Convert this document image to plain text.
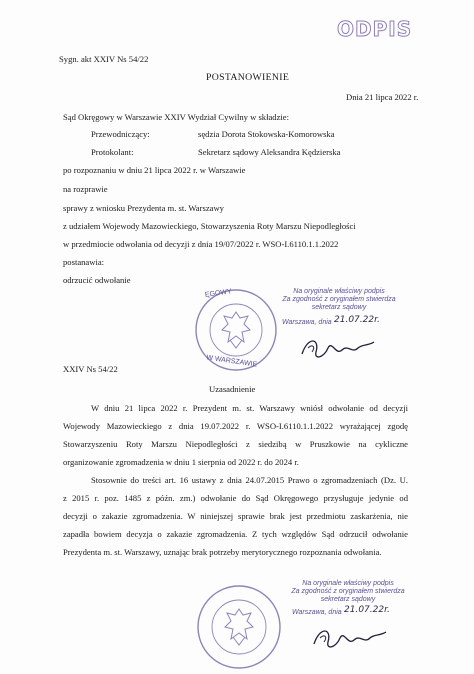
ODPIS
Sygn. akt XXIV Ns 54/22
POSTANOWIENIE
Dnia 21 lipca 2022 r.
Sąd Okręgowy w Warszawie XXIV Wydział Cywilny w składzie:
Przewodniczący:	sędzia Dorota Stokowska-Komorowska
Protokolant:	Sekretarz sądowy Aleksandra Kędzierska
po rozpoznaniu w dniu 21 lipca 2022 r. w Warszawie
na rozprawie
sprawy z wniosku Prezydenta m. st. Warszawy
z udziałem Wojewody Mazowieckiego, Stowarzyszenia Roty Marszu Niepodległości
w przedmiocie odwołania od decyzji z dnia 19/07/2022 r. WSO-I.6110.1.1.2022
postanawia:
odrzucić odwołanie
ĘGOWY
W WARSZAWIE
Na oryginale właściwy podpis
Za zgodność z oryginałem stwierdza
sekretarz sądowy
Warszawa, dnia 21.07.22r.
XXIV Ns 54/22
Uzasadnienie
W dniu 21 lipca 2022 r. Prezydent m. st. Warszawy wniósł odwołanie od decyzji
Wojewody Mazowieckiego z dnia 19.07.2022 r. WSO-I.6110.1.1.2022 wyrażającej zgodę
Stowarzyszeniu Roty Marszu Niepodległości z siedzibą w Pruszkowie na cykliczne
organizowanie zgromadzenia w dniu 1 sierpnia od 2022 r. do 2024 r.
Stosownie do treści art. 16 ustawy z dnia 24.07.2015 Prawo o zgromadzeniach (Dz. U.
z 2015 r. poz. 1485 z późn. zm.) odwołanie do Sąd Okręgowego przysługuje jedynie od
decyzji o zakazie zgromadzenia. W niniejszej sprawie brak jest przedmiotu zaskarżenia, nie
zapadła bowiem decyzja o zakazie zgromadzenia. Z tych względów Sąd odrzucił odwołanie
Prezydenta m. st. Warszawy, uznając brak potrzeby merytorycznego rozpoznania odwołania.
Na oryginale właściwy podpis
Za zgodność z oryginałem stwierdza
sekretarz sądowy
Warszawa, dnia 21.07.22r.
